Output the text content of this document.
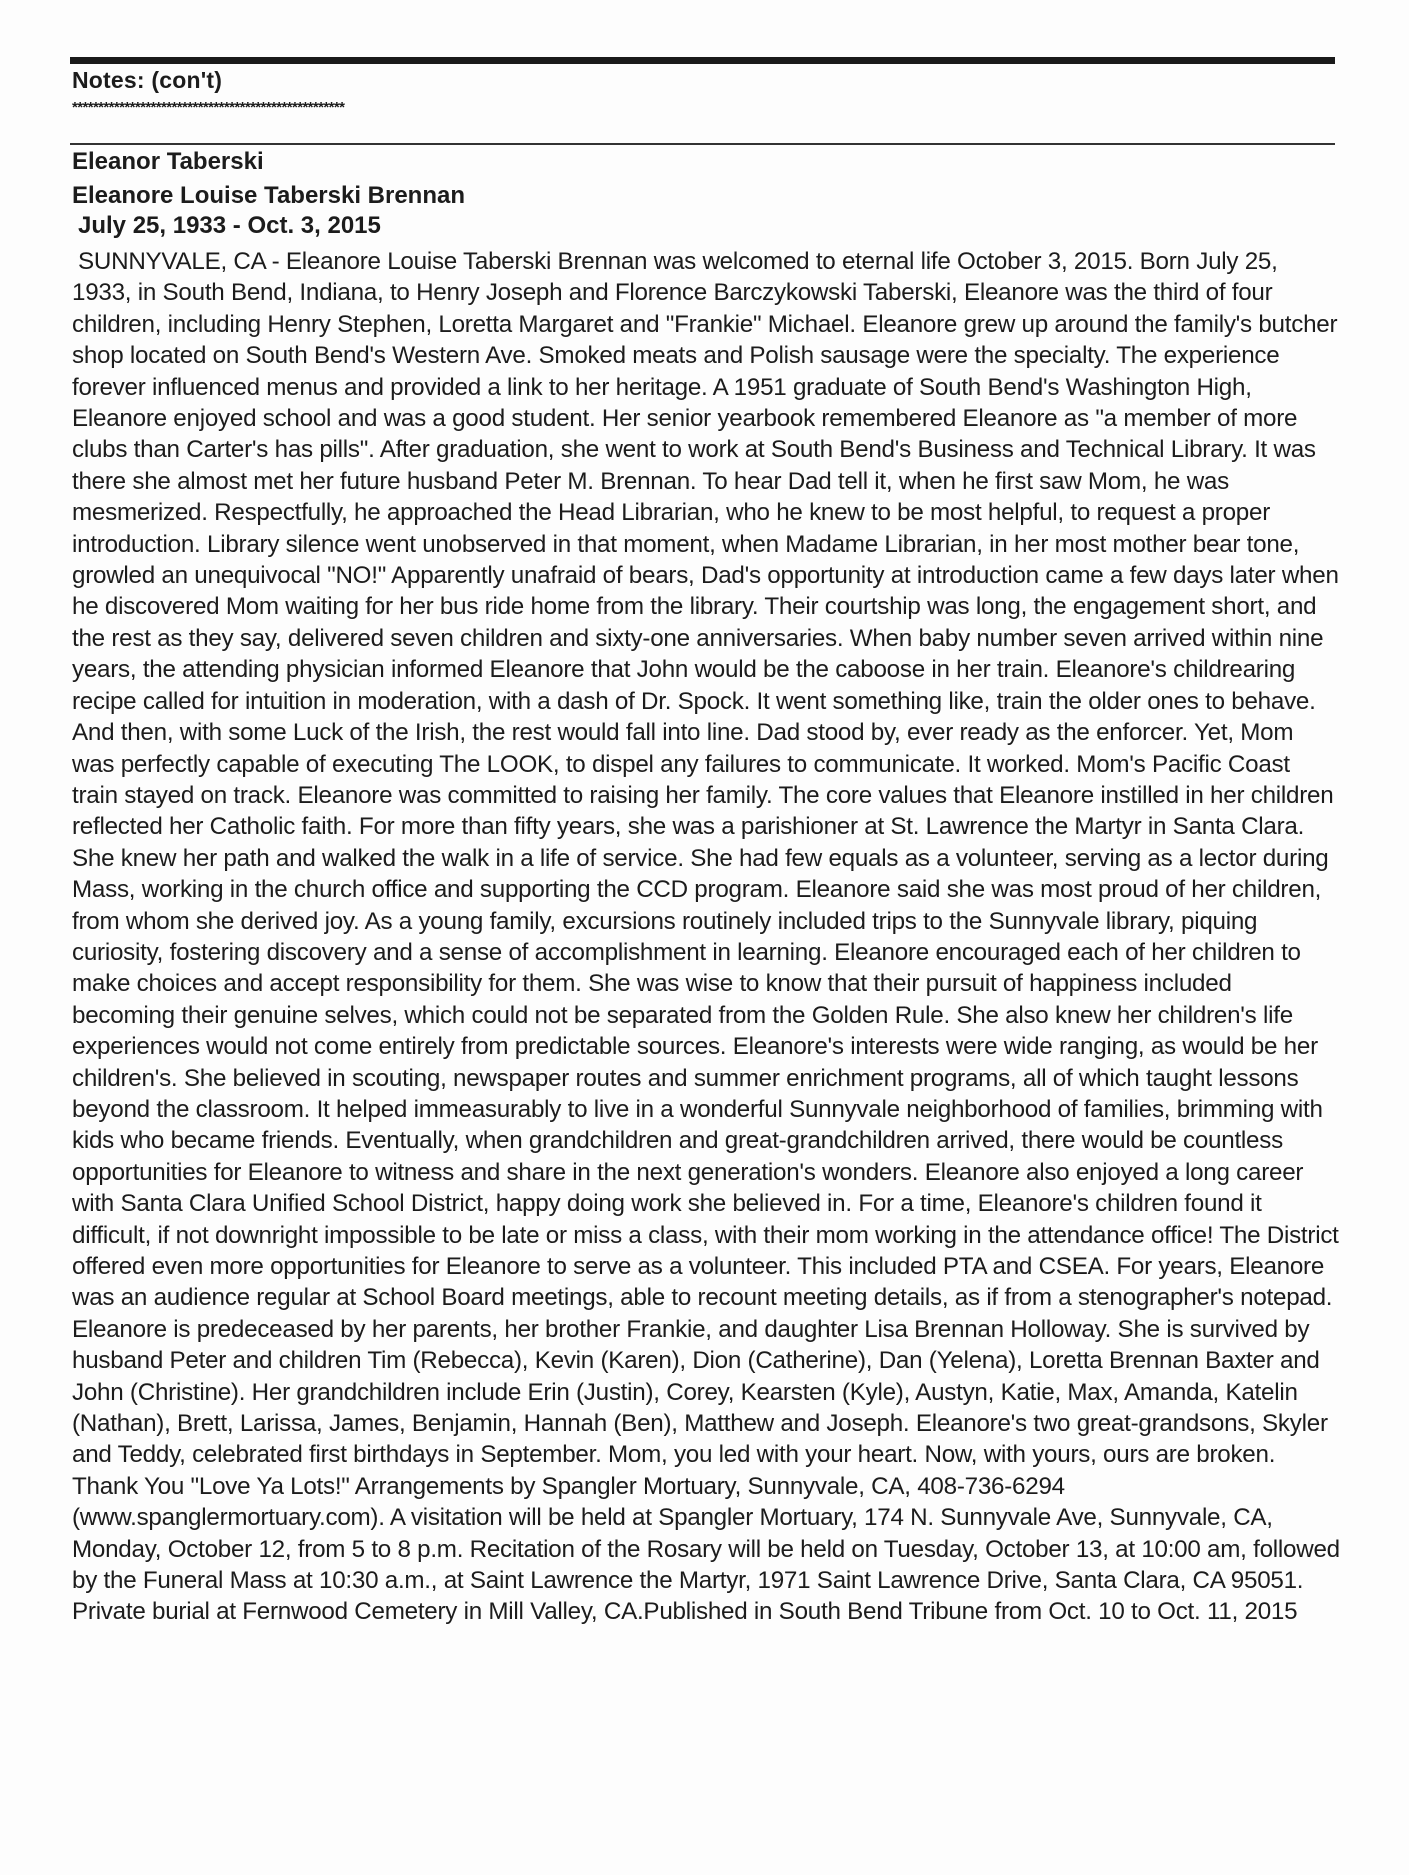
Notes: (con't)
****************************************************
Eleanor Taberski
Eleanore Louise Taberski Brennan
July 25, 1933 - Oct. 3, 2015
SUNNYVALE, CA - Eleanore Louise Taberski Brennan was welcomed to eternal life October 3, 2015. Born July 25, 1933, in South Bend, Indiana, to Henry Joseph and Florence Barczykowski Taberski, Eleanore was the third of four children, including Henry Stephen, Loretta Margaret and "Frankie" Michael. Eleanore grew up around the family's butcher shop located on South Bend's Western Ave. Smoked meats and Polish sausage were the specialty. The experience forever influenced menus and provided a link to her heritage. A 1951 graduate of South Bend's Washington High, Eleanore enjoyed school and was a good student. Her senior yearbook remembered Eleanore as "a member of more clubs than Carter's has pills". After graduation, she went to work at South Bend's Business and Technical Library. It was there she almost met her future husband Peter M. Brennan. To hear Dad tell it, when he first saw Mom, he was mesmerized. Respectfully, he approached the Head Librarian, who he knew to be most helpful, to request a proper introduction. Library silence went unobserved in that moment, when Madame Librarian, in her most mother bear tone, growled an unequivocal "NO!" Apparently unafraid of bears, Dad's opportunity at introduction came a few days later when he discovered Mom waiting for her bus ride home from the library. Their courtship was long, the engagement short, and the rest as they say, delivered seven children and sixty-one anniversaries. When baby number seven arrived within nine years, the attending physician informed Eleanore that John would be the caboose in her train. Eleanore's childrearing recipe called for intuition in moderation, with a dash of Dr. Spock. It went something like, train the older ones to behave. And then, with some Luck of the Irish, the rest would fall into line. Dad stood by, ever ready as the enforcer. Yet, Mom was perfectly capable of executing The LOOK, to dispel any failures to communicate. It worked. Mom's Pacific Coast train stayed on track. Eleanore was committed to raising her family. The core values that Eleanore instilled in her children reflected her Catholic faith. For more than fifty years, she was a parishioner at St. Lawrence the Martyr in Santa Clara. She knew her path and walked the walk in a life of service. She had few equals as a volunteer, serving as a lector during Mass, working in the church office and supporting the CCD program. Eleanore said she was most proud of her children, from whom she derived joy. As a young family, excursions routinely included trips to the Sunnyvale library, piquing curiosity, fostering discovery and a sense of accomplishment in learning. Eleanore encouraged each of her children to make choices and accept responsibility for them. She was wise to know that their pursuit of happiness included becoming their genuine selves, which could not be separated from the Golden Rule. She also knew her children's life experiences would not come entirely from predictable sources. Eleanore's interests were wide ranging, as would be her children's. She believed in scouting, newspaper routes and summer enrichment programs, all of which taught lessons beyond the classroom. It helped immeasurably to live in a wonderful Sunnyvale neighborhood of families, brimming with kids who became friends. Eventually, when grandchildren and great-grandchildren arrived, there would be countless opportunities for Eleanore to witness and share in the next generation's wonders. Eleanore also enjoyed a long career with Santa Clara Unified School District, happy doing work she believed in. For a time, Eleanore's children found it difficult, if not downright impossible to be late or miss a class, with their mom working in the attendance office! The District offered even more opportunities for Eleanore to serve as a volunteer. This included PTA and CSEA. For years, Eleanore was an audience regular at School Board meetings, able to recount meeting details, as if from a stenographer's notepad. Eleanore is predeceased by her parents, her brother Frankie, and daughter Lisa Brennan Holloway. She is survived by husband Peter and children Tim (Rebecca), Kevin (Karen), Dion (Catherine), Dan (Yelena), Loretta Brennan Baxter and John (Christine). Her grandchildren include Erin (Justin), Corey, Kearsten (Kyle), Austyn, Katie, Max, Amanda, Katelin (Nathan), Brett, Larissa, James, Benjamin, Hannah (Ben), Matthew and Joseph. Eleanore's two great-grandsons, Skyler and Teddy, celebrated first birthdays in September. Mom, you led with your heart. Now, with yours, ours are broken. Thank You "Love Ya Lots!" Arrangements by Spangler Mortuary, Sunnyvale, CA, 408-736-6294 (www.spanglermortuary.com). A visitation will be held at Spangler Mortuary, 174 N. Sunnyvale Ave, Sunnyvale, CA, Monday, October 12, from 5 to 8 p.m. Recitation of the Rosary will be held on Tuesday, October 13, at 10:00 am, followed by the Funeral Mass at 10:30 a.m., at Saint Lawrence the Martyr, 1971 Saint Lawrence Drive, Santa Clara, CA 95051. Private burial at Fernwood Cemetery in Mill Valley, CA.Published in South Bend Tribune from Oct. 10 to Oct. 11, 2015
